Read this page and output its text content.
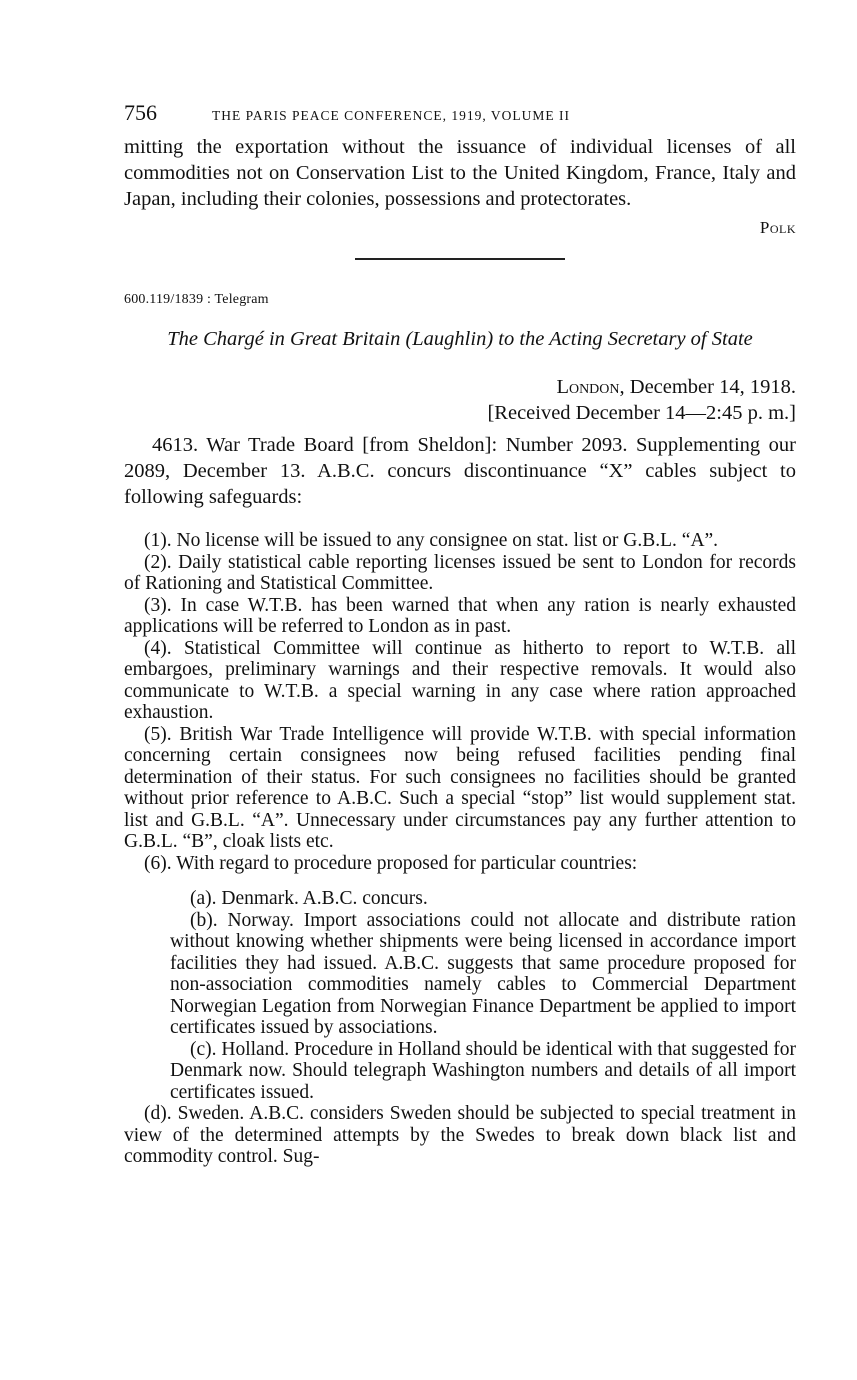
756	THE PARIS PEACE CONFERENCE, 1919, VOLUME II

mitting the exportation without the issuance of individual licenses of all commodities not on Conservation List to the United Kingdom, France, Italy and Japan, including their colonies, possessions and protectorates.

Polk
600.119/1839 : Telegram
The Chargé in Great Britain (Laughlin) to the Acting Secretary of State
London, December 14, 1918.
[Received December 14—2:45 p. m.]

4613. War Trade Board [from Sheldon]: Number 2093. Supplementing our 2089, December 13. A.B.C. concurs discontinuance “X” cables subject to following safeguards:

(1). No license will be issued to any consignee on stat. list or G.B.L. “A”.

(2). Daily statistical cable reporting licenses issued be sent to London for records of Rationing and Statistical Committee.

(3). In case W.T.B. has been warned that when any ration is nearly exhausted applications will be referred to London as in past.

(4). Statistical Committee will continue as hitherto to report to W.T.B. all embargoes, preliminary warnings and their respective removals. It would also communicate to W.T.B. a special warning in any case where ration approached exhaustion.

(5). British War Trade Intelligence will provide W.T.B. with special information concerning certain consignees now being refused facilities pending final determination of their status. For such consignees no facilities should be granted without prior reference to A.B.C. Such a special “stop” list would supplement stat. list and G.B.L. “A”. Unnecessary under circumstances pay any further attention to G.B.L. “B”, cloak lists etc.

(6). With regard to procedure proposed for particular countries:

(a). Denmark. A.B.C. concurs.

(b). Norway. Import associations could not allocate and distribute ration without knowing whether shipments were being licensed in accordance import facilities they had issued. A.B.C. suggests that same procedure proposed for non-association commodities namely cables to Commercial Department Norwegian Legation from Norwegian Finance Department be applied to import certificates issued by associations.

(c). Holland. Procedure in Holland should be identical with that suggested for Denmark now. Should telegraph Washington numbers and details of all import certificates issued.

(d). Sweden. A.B.C. considers Sweden should be subjected to special treatment in view of the determined attempts by the Swedes to break down black list and commodity control. Sug-
